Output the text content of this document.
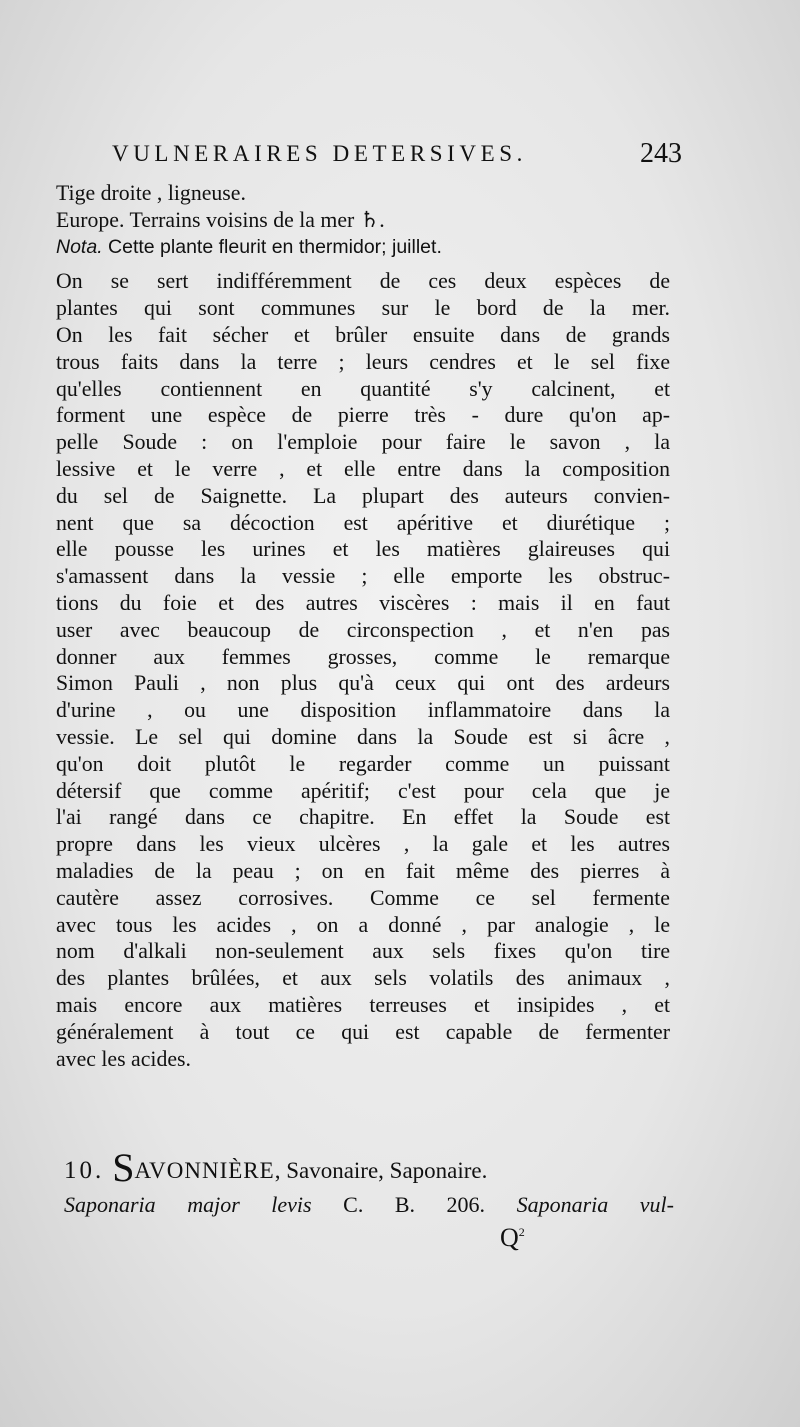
VULNERAIRES DETERSIVES.	243
Tige droite , ligneuse.
Europe. Terrains voisins de la mer ♄.
Nota. Cette plante fleurit en thermidor; juillet.
On se sert indifféremment de ces deux espèces de
plantes qui sont communes sur le bord de la mer.
On les fait sécher et brûler ensuite dans de grands
trous faits dans la terre ; leurs cendres et le sel fixe
qu'elles contiennent en quantité s'y calcinent, et
forment une espèce de pierre très - dure qu'on ap-
pelle Soude : on l'emploie pour faire le savon , la
lessive et le verre , et elle entre dans la composition
du sel de Saignette. La plupart des auteurs convien-
nent que sa décoction est apéritive et diurétique ;
elle pousse les urines et les matières glaireuses qui
s'amassent dans la vessie ; elle emporte les obstruc-
tions du foie et des autres viscères : mais il en faut
user avec beaucoup de circonspection , et n'en pas
donner aux femmes grosses, comme le remarque
Simon Pauli , non plus qu'à ceux qui ont des ardeurs
d'urine , ou une disposition inflammatoire dans la
vessie. Le sel qui domine dans la Soude est si âcre ,
qu'on doit plutôt le regarder comme un puissant
détersif que comme apéritif; c'est pour cela que je
l'ai rangé dans ce chapitre. En effet la Soude est
propre dans les vieux ulcères , la gale et les autres
maladies de la peau ; on en fait même des pierres à
cautère assez corrosives. Comme ce sel fermente
avec tous les acides , on a donné , par analogie , le
nom d'alkali non-seulement aux sels fixes qu'on tire
des plantes brûlées, et aux sels volatils des animaux ,
mais encore aux matières terreuses et insipides , et
généralement à tout ce qui est capable de fermenter
avec les acides.
10. SAVONNIÈRE, Savonaire, Saponaire.
Saponaria major levis C. B. 206. Saponaria vul-
$Q^2$
